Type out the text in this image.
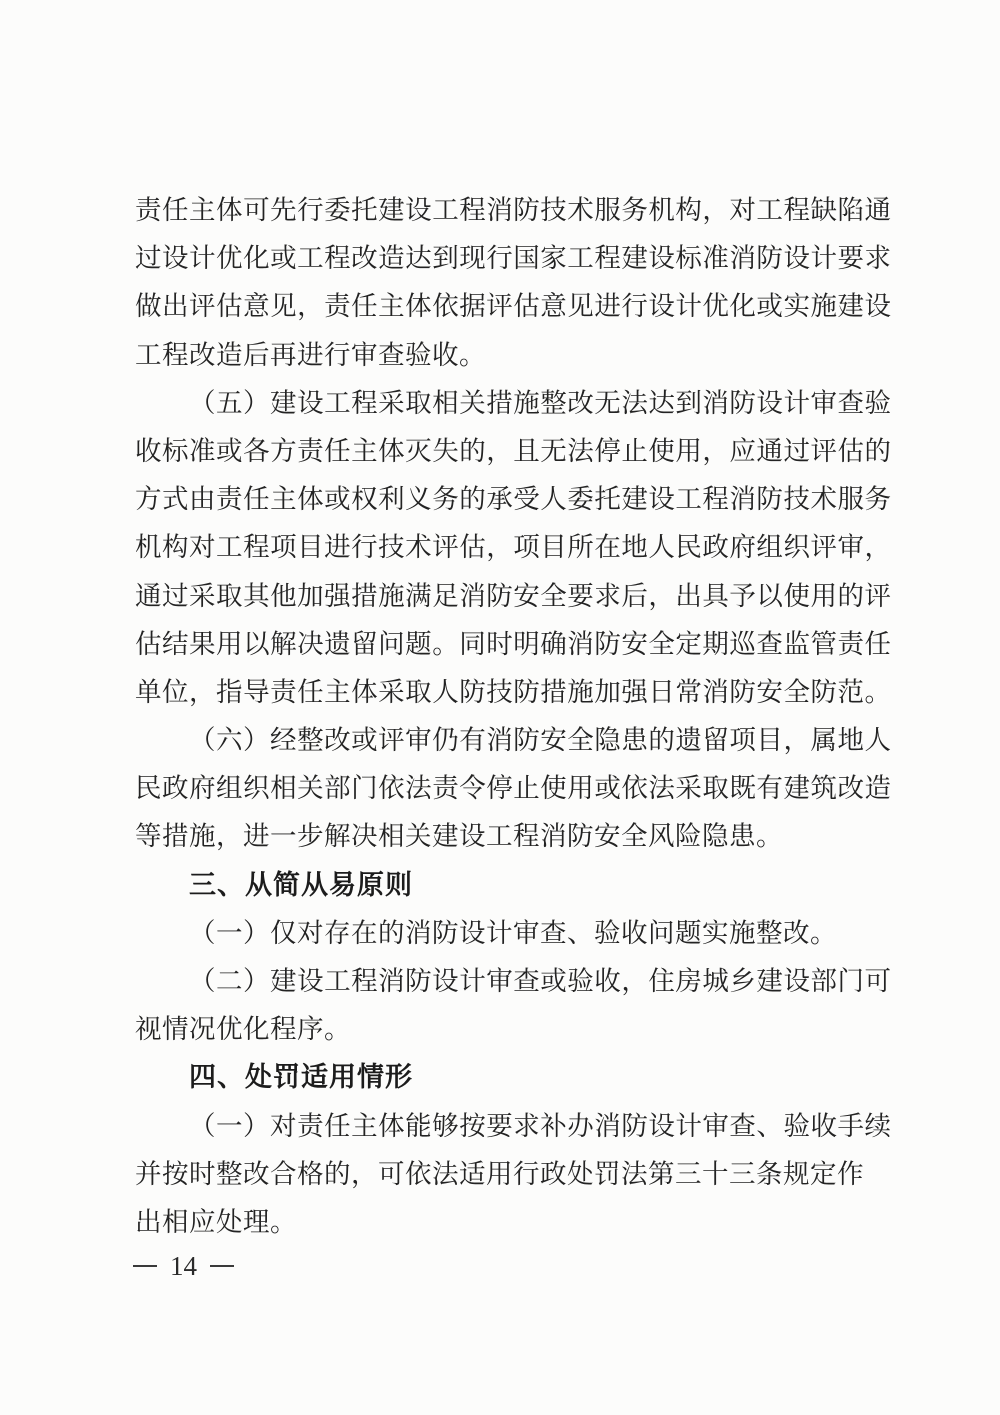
责任主体可先行委托建设工程消防技术服务机构，对工程缺陷通
过设计优化或工程改造达到现行国家工程建设标准消防设计要求
做出评估意见，责任主体依据评估意见进行设计优化或实施建设
工程改造后再进行审查验收。
（五）建设工程采取相关措施整改无法达到消防设计审查验
收标准或各方责任主体灭失的，且无法停止使用，应通过评估的
方式由责任主体或权利义务的承受人委托建设工程消防技术服务
机构对工程项目进行技术评估，项目所在地人民政府组织评审，
通过采取其他加强措施满足消防安全要求后，出具予以使用的评
估结果用以解决遗留问题。同时明确消防安全定期巡查监管责任
单位，指导责任主体采取人防技防措施加强日常消防安全防范。
（六）经整改或评审仍有消防安全隐患的遗留项目，属地人
民政府组织相关部门依法责令停止使用或依法采取既有建筑改造
等措施，进一步解决相关建设工程消防安全风险隐患。
三、从简从易原则
（一）仅对存在的消防设计审查、验收问题实施整改。
（二）建设工程消防设计审查或验收，住房城乡建设部门可
视情况优化程序。
四、处罚适用情形
（一）对责任主体能够按要求补办消防设计审查、验收手续
并按时整改合格的，可依法适用行政处罚法第三十三条规定作
出相应处理。
14
